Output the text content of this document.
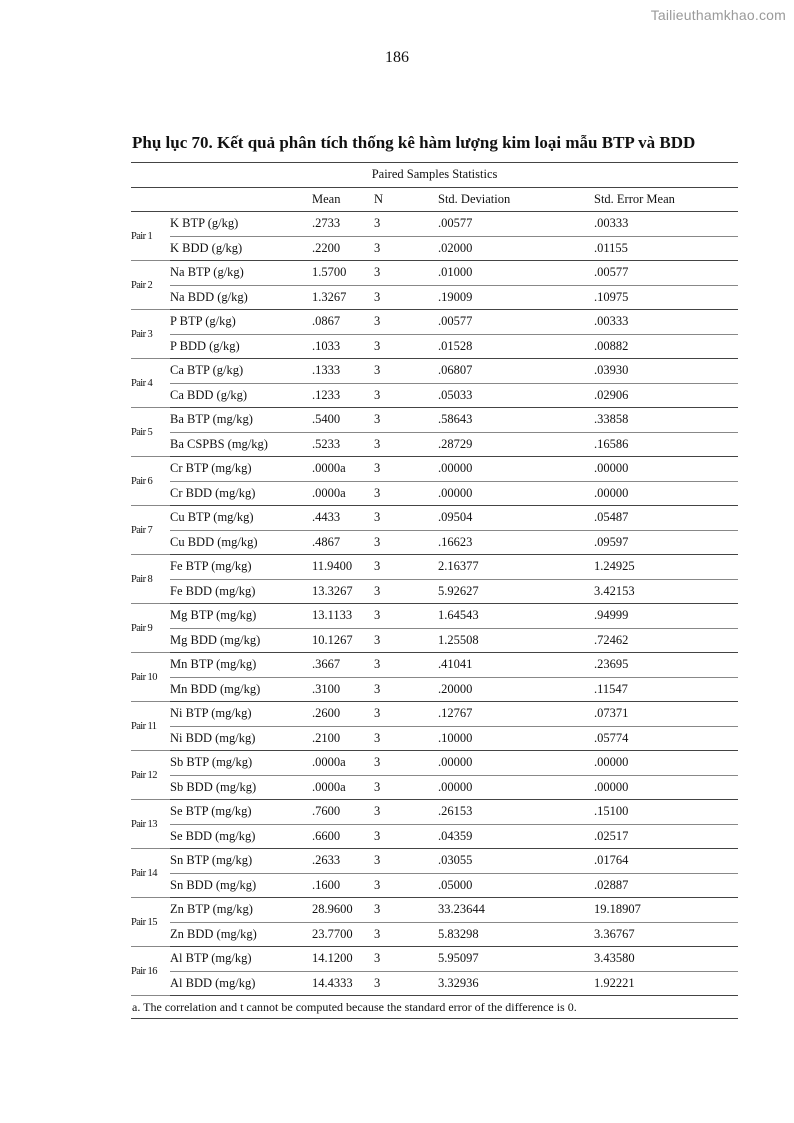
Tailieuthamkhao.com
186
Phụ lục 70. Kết quả phân tích thống kê hàm lượng kim loại mẫu BTP và BDD
Paired Samples Statistics					
		Mean	N	Std. Deviation	Std. Error Mean
Pair 1	K BTP (g/kg)	.2733	3	.00577	.00333
	K BDD (g/kg)	.2200	3	.02000	.01155
Pair 2	Na BTP (g/kg)	1.5700	3	.01000	.00577
	Na BDD (g/kg)	1.3267	3	.19009	.10975
Pair 3	P BTP (g/kg)	.0867	3	.00577	.00333
	P BDD (g/kg)	.1033	3	.01528	.00882
Pair 4	Ca BTP (g/kg)	.1333	3	.06807	.03930
	Ca BDD (g/kg)	.1233	3	.05033	.02906
Pair 5	Ba BTP (mg/kg)	.5400	3	.58643	.33858
	Ba CSPBS (mg/kg)	.5233	3	.28729	.16586
Pair 6	Cr BTP (mg/kg)	.0000a	3	.00000	.00000
	Cr BDD (mg/kg)	.0000a	3	.00000	.00000
Pair 7	Cu BTP (mg/kg)	.4433	3	.09504	.05487
	Cu BDD (mg/kg)	.4867	3	.16623	.09597
Pair 8	Fe BTP (mg/kg)	11.9400	3	2.16377	1.24925
	Fe BDD (mg/kg)	13.3267	3	5.92627	3.42153
Pair 9	Mg BTP (mg/kg)	13.1133	3	1.64543	.94999
	Mg BDD (mg/kg)	10.1267	3	1.25508	.72462
Pair 10	Mn BTP (mg/kg)	.3667	3	.41041	.23695
	Mn BDD (mg/kg)	.3100	3	.20000	.11547
Pair 11	Ni BTP (mg/kg)	.2600	3	.12767	.07371
	Ni BDD (mg/kg)	.2100	3	.10000	.05774
Pair 12	Sb BTP (mg/kg)	.0000a	3	.00000	.00000
	Sb BDD (mg/kg)	.0000a	3	.00000	.00000
Pair 13	Se BTP (mg/kg)	.7600	3	.26153	.15100
	Se BDD (mg/kg)	.6600	3	.04359	.02517
Pair 14	Sn BTP (mg/kg)	.2633	3	.03055	.01764
	Sn BDD (mg/kg)	.1600	3	.05000	.02887
Pair 15	Zn BTP (mg/kg)	28.9600	3	33.23644	19.18907
	Zn BDD (mg/kg)	23.7700	3	5.83298	3.36767
Pair 16	Al BTP (mg/kg)	14.1200	3	5.95097	3.43580
	Al BDD (mg/kg)	14.4333	3	3.32936	1.92221
a. The correlation and t cannot be computed because the standard error of the difference is 0.					
